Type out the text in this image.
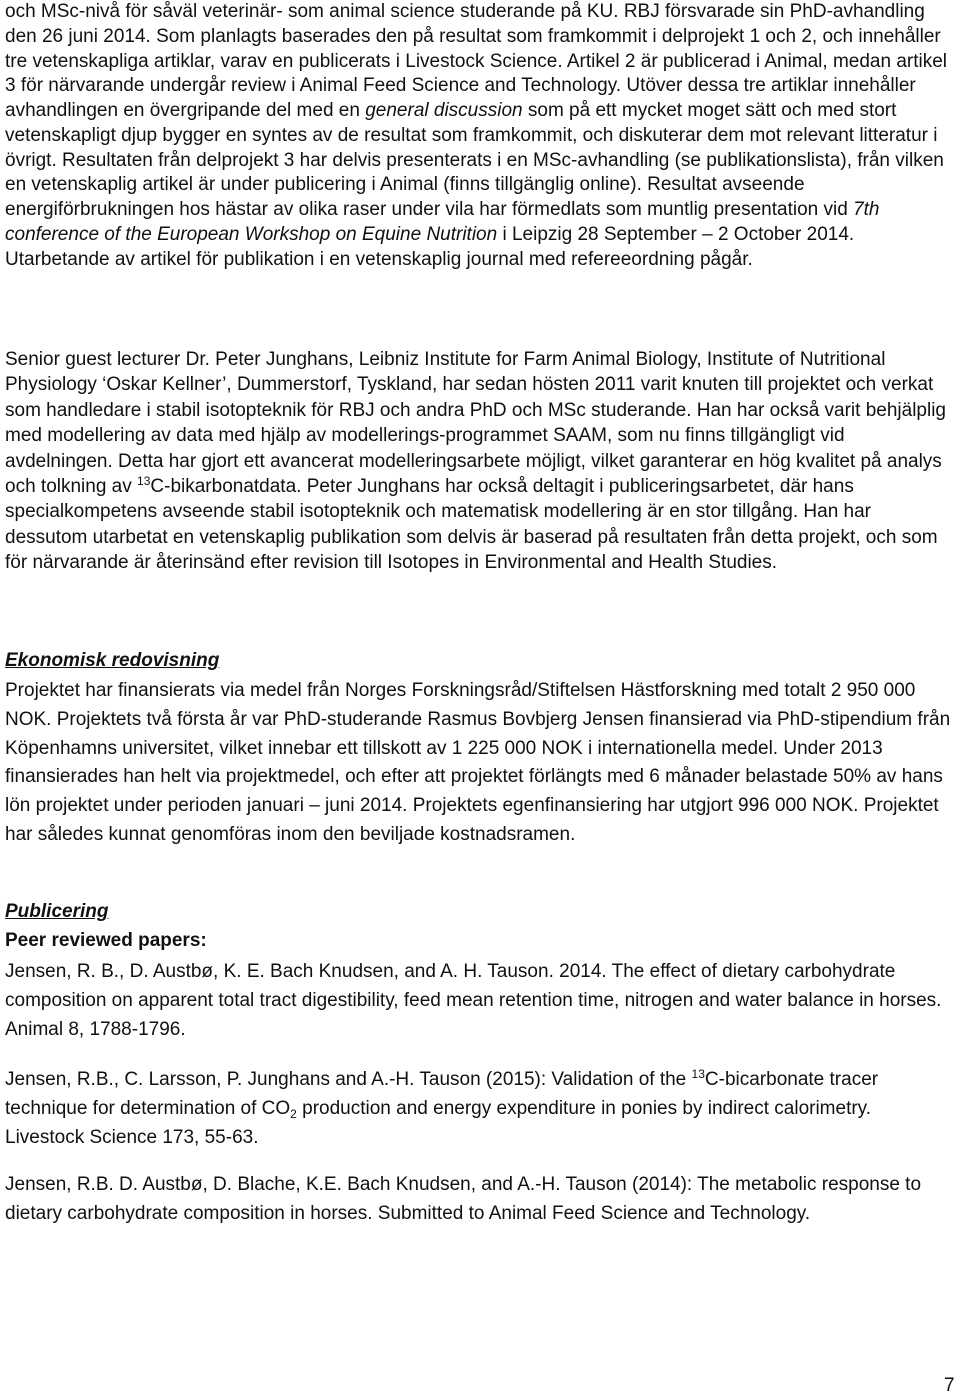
och MSc-nivå för såväl veterinär- som animal science studerande på KU. RBJ försvarade sin PhD-avhandling den 26 juni 2014. Som planlagts baserades den på resultat som framkommit i delprojekt 1 och 2, och innehåller tre vetenskapliga artiklar, varav en publicerats i Livestock Science. Artikel 2 är publicerad i Animal, medan artikel 3 för närvarande undergår review i Animal Feed Science and Technology. Utöver dessa tre artiklar innehåller avhandlingen en övergripande del med en general discussion som på ett mycket moget sätt och med stort vetenskapligt djup bygger en syntes av de resultat som framkommit, och diskuterar dem mot relevant litteratur i övrigt. Resultaten från delprojekt 3 har delvis presenterats i en MSc-avhandling (se publikationslista), från vilken en vetenskaplig artikel är under publicering i Animal (finns tillgänglig online). Resultat avseende energiförbrukningen hos hästar av olika raser under vila har förmedlats som muntlig presentation vid 7th conference of the European Workshop on Equine Nutrition i Leipzig 28 September – 2 October 2014. Utarbetande av artikel för publikation i en vetenskaplig journal med refereeordning pågår.

Senior guest lecturer Dr. Peter Junghans, Leibniz Institute for Farm Animal Biology, Institute of Nutritional Physiology ‘Oskar Kellner’, Dummerstorf, Tyskland, har sedan hösten 2011 varit knuten till projektet och verkat som handledare i stabil isotopteknik för RBJ och andra PhD och MSc studerande. Han har också varit behjälplig med modellering av data med hjälp av modellerings-programmet SAAM, som nu finns tillgängligt vid avdelningen. Detta har gjort ett avancerat modelleringsarbete möjligt, vilket garanterar en hög kvalitet på analys och tolkning av $^{13}$C-bikarbonatdata. Peter Junghans har också deltagit i publiceringsarbetet, där hans specialkompetens avseende stabil isotopteknik och matematisk modellering är en stor tillgång. Han har dessutom utarbetat en vetenskaplig publikation som delvis är baserad på resultaten från detta projekt, och som för närvarande är återinsänd efter revision till Isotopes in Environmental and Health Studies.

Ekonomisk redovisning

Projektet har finansierats via medel från Norges Forskningsråd/Stiftelsen Hästforskning med totalt 2 950 000 NOK. Projektets två första år var PhD-studerande Rasmus Bovbjerg Jensen finansierad via PhD-stipendium från Köpenhamns universitet, vilket innebar ett tillskott av 1 225 000 NOK i internationella medel. Under 2013 finansierades han helt via projektmedel, och efter att projektet förlängts med 6 månader belastade 50% av hans lön projektet under perioden januari – juni 2014. Projektets egenfinansiering har utgjort 996 000 NOK. Projektet har således kunnat genomföras inom den beviljade kostnadsramen.

Publicering

Peer reviewed papers:

Jensen, R. B., D. Austbø, K. E. Bach Knudsen, and A. H. Tauson. 2014. The effect of dietary carbohydrate composition on apparent total tract digestibility, feed mean retention time, nitrogen and water balance in horses. Animal 8, 1788-1796.

Jensen, R.B., C. Larsson, P. Junghans and A.-H. Tauson (2015): Validation of the $^{13}$C-bicarbonate tracer technique for determination of $CO_2$ production and energy expenditure in ponies by indirect calorimetry. Livestock Science 173, 55-63.

Jensen, R.B. D. Austbø, D. Blache, K.E. Bach Knudsen, and A.-H. Tauson (2014): The metabolic response to dietary carbohydrate composition in horses. Submitted to Animal Feed Science and Technology.

7
